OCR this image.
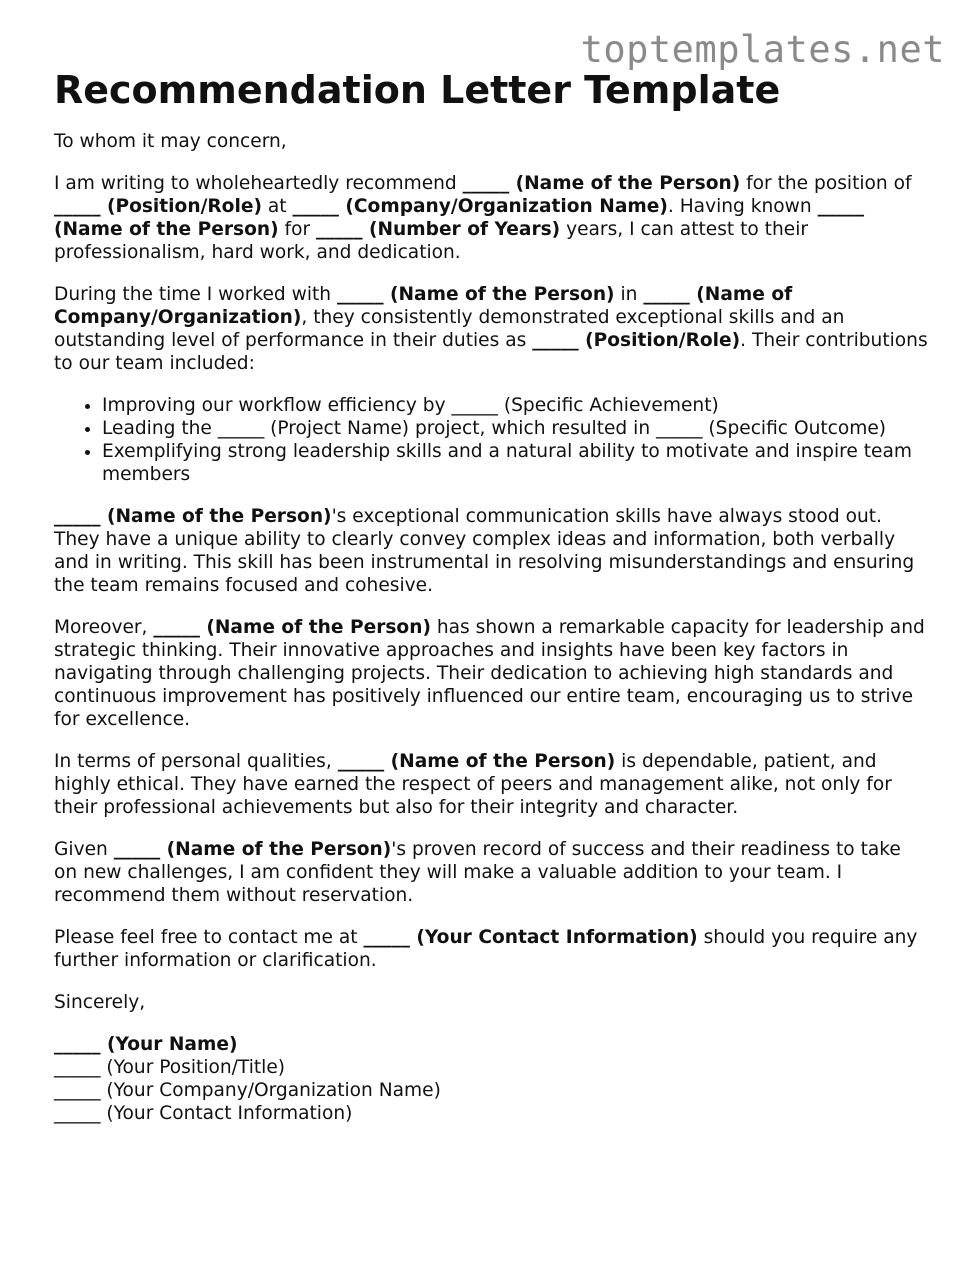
toptemplates.net
Recommendation Letter Template

To whom it may concern,

I am writing to wholeheartedly recommend _____ (Name of the Person) for the position of _____ (Position/Role) at _____ (Company/Organization Name). Having known _____ (Name of the Person) for _____ (Number of Years) years, I can attest to their professionalism, hard work, and dedication.

During the time I worked with _____ (Name of the Person) in _____ (Name of Company/Organization), they consistently demonstrated exceptional skills and an outstanding level of performance in their duties as _____ (Position/Role). Their contributions to our team included:

• Improving our workflow efficiency by _____ (Specific Achievement)
• Leading the _____ (Project Name) project, which resulted in _____ (Specific Outcome)
• Exemplifying strong leadership skills and a natural ability to motivate and inspire team members

_____ (Name of the Person)'s exceptional communication skills have always stood out. They have a unique ability to clearly convey complex ideas and information, both verbally and in writing. This skill has been instrumental in resolving misunderstandings and ensuring the team remains focused and cohesive.

Moreover, _____ (Name of the Person) has shown a remarkable capacity for leadership and strategic thinking. Their innovative approaches and insights have been key factors in navigating through challenging projects. Their dedication to achieving high standards and continuous improvement has positively influenced our entire team, encouraging us to strive for excellence.

In terms of personal qualities, _____ (Name of the Person) is dependable, patient, and highly ethical. They have earned the respect of peers and management alike, not only for their professional achievements but also for their integrity and character.

Given _____ (Name of the Person)'s proven record of success and their readiness to take on new challenges, I am confident they will make a valuable addition to your team. I recommend them without reservation.

Please feel free to contact me at _____ (Your Contact Information) should you require any further information or clarification.

Sincerely,

_____ (Your Name)

_____ (Your Position/Title)

_____ (Your Company/Organization Name)

_____ (Your Contact Information)
